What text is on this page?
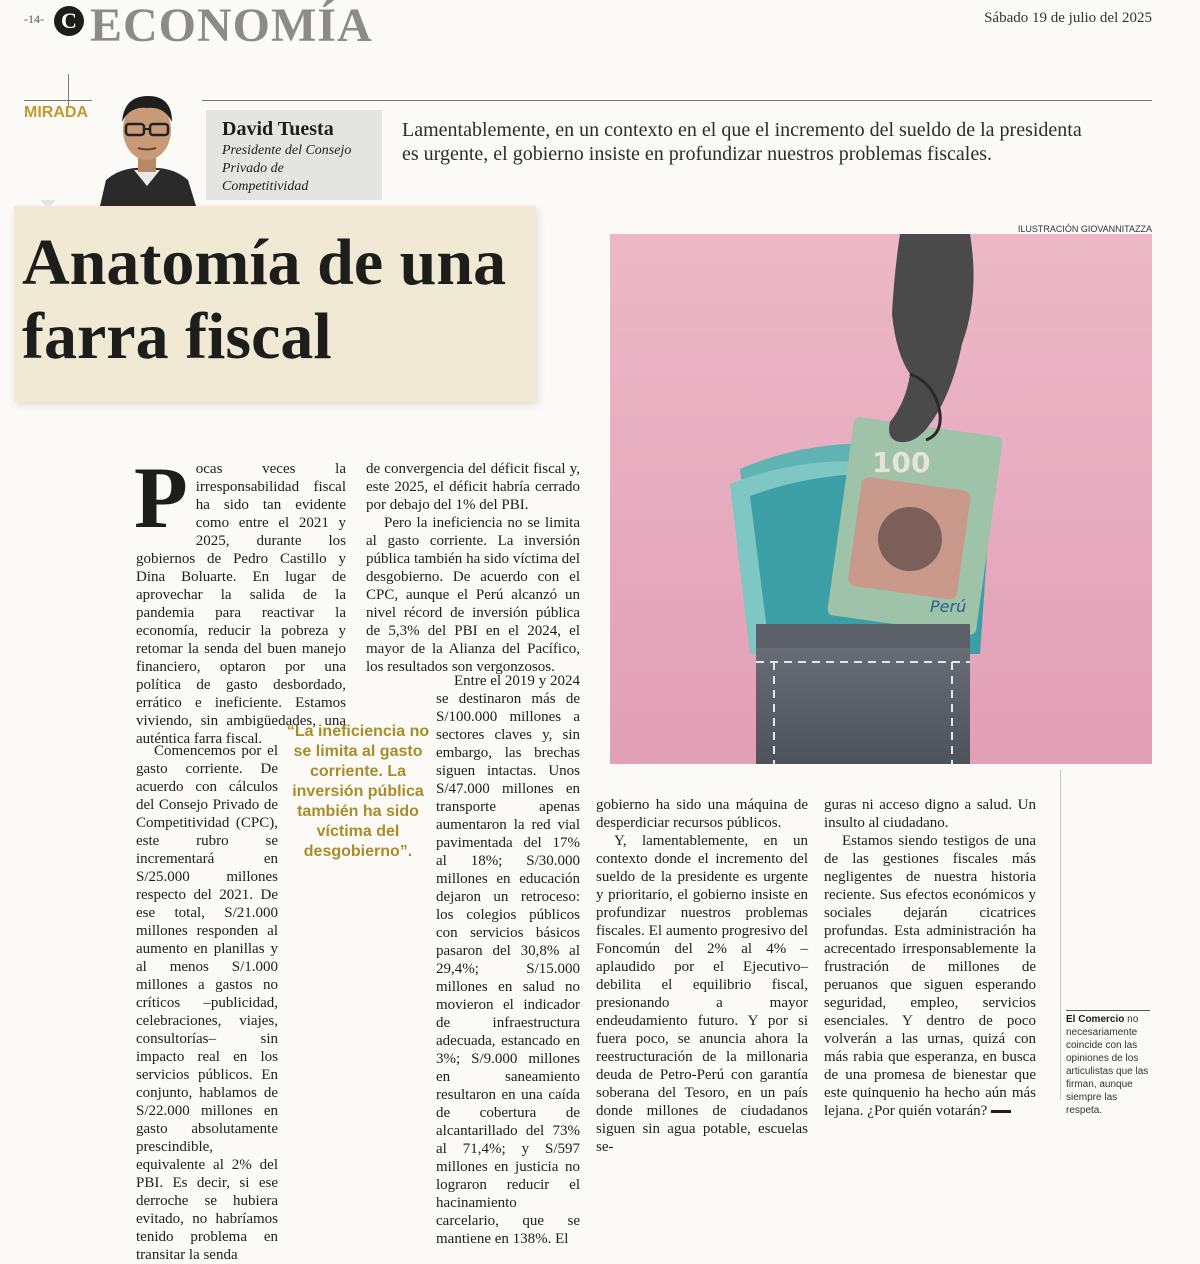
-14- C ECONOMÍA	Sábado 19 de julio del 2025
MIRADA
David Tuesta
Presidente del Consejo Privado de Competitividad
Lamentablemente, en un contexto en el que el incremento del sueldo de la presidenta es urgente, el gobierno insiste en profundizar nuestros problemas fiscales.
Anatomía de una farra fiscal
ILUSTRACIÓN GIOVANNITAZZA
100
Perú

Pocas veces la irresponsabilidad fiscal ha sido tan evidente como entre el 2021 y 2025, durante los gobiernos de Pedro Castillo y Dina Boluarte. En lugar de aprovechar la salida de la pandemia para reactivar la economía, reducir la pobreza y retomar la senda del buen manejo financiero, optaron por una política de gasto desbordado, errático e ineficiente. Estamos viviendo, sin ambigüedades, una auténtica farra fiscal.

Comencemos por el gasto corriente. De acuerdo con cálculos del Consejo Privado de Competitividad (CPC), este rubro se incrementará en S/25.000 millones respecto del 2021. De ese total, S/21.000 millones responden al aumento en planillas y al menos S/1.000 millones a gastos no críticos –publicidad, celebraciones, viajes, consultorías– sin impacto real en los servicios públicos. En conjunto, hablamos de S/22.000 millones en gasto absolutamente prescindible, equivalente al 2% del PBI. Es decir, si ese derroche se hubiera evitado, no habríamos tenido problema en transitar la senda

de convergencia del déficit fiscal y, este 2025, el déficit habría cerrado por debajo del 1% del PBI.

Pero la ineficiencia no se limita al gasto corriente. La inversión pública también ha sido víctima del desgobierno. De acuerdo con el CPC, aunque el Perú alcanzó un nivel récord de inversión pública de 5,3% del PBI en el 2024, el mayor de la Alianza del Pacífico, los resultados son vergonzosos.

Entre el 2019 y 2024 se destinaron más de S/100.000 millones a sectores claves y, sin embargo, las brechas siguen intactas. Unos S/47.000 millones en transporte apenas aumentaron la red vial pavimentada del 17% al 18%; S/30.000 millones en educación dejaron un retroceso: los colegios públicos con servicios básicos pasaron del 30,8% al 29,4%; S/15.000 millones en salud no movieron el indicador de infraestructura adecuada, estancado en 3%; S/9.000 millones en saneamiento resultaron en una caída de cobertura de alcantarillado del 73% al 71,4%; y S/597 millones en justicia no lograron reducir el hacinamiento carcelario, que se mantiene en 138%. El

“La ineficiencia no se limita al gasto corriente. La inversión pública también ha sido víctima del desgobierno”.

gobierno ha sido una máquina de desperdiciar recursos públicos.

Y, lamentablemente, en un contexto donde el incremento del sueldo de la presidente es urgente y prioritario, el gobierno insiste en profundizar nuestros problemas fiscales. El aumento progresivo del Foncomún del 2% al 4% –aplaudido por el Ejecutivo– debilita el equilibrio fiscal, presionando a mayor endeudamiento futuro. Y por si fuera poco, se anuncia ahora la reestructuración de la millonaria deuda de Petro-Perú con garantía soberana del Tesoro, en un país donde millones de ciudadanos siguen sin agua potable, escuelas se-

guras ni acceso digno a salud. Un insulto al ciudadano.

Estamos siendo testigos de una de las gestiones fiscales más negligentes de nuestra historia reciente. Sus efectos económicos y sociales dejarán cicatrices profundas. Esta administración ha acrecentado irresponsablemente la frustración de millones de peruanos que siguen esperando seguridad, empleo, servicios esenciales. Y dentro de poco volverán a las urnas, quizá con más rabia que esperanza, en busca de una promesa de bienestar que este quinquenio ha hecho aún más lejana. ¿Por quién votarán?

El Comercio no necesariamente coincide con las opiniones de los articulistas que las firman, aunque siempre las respeta.
